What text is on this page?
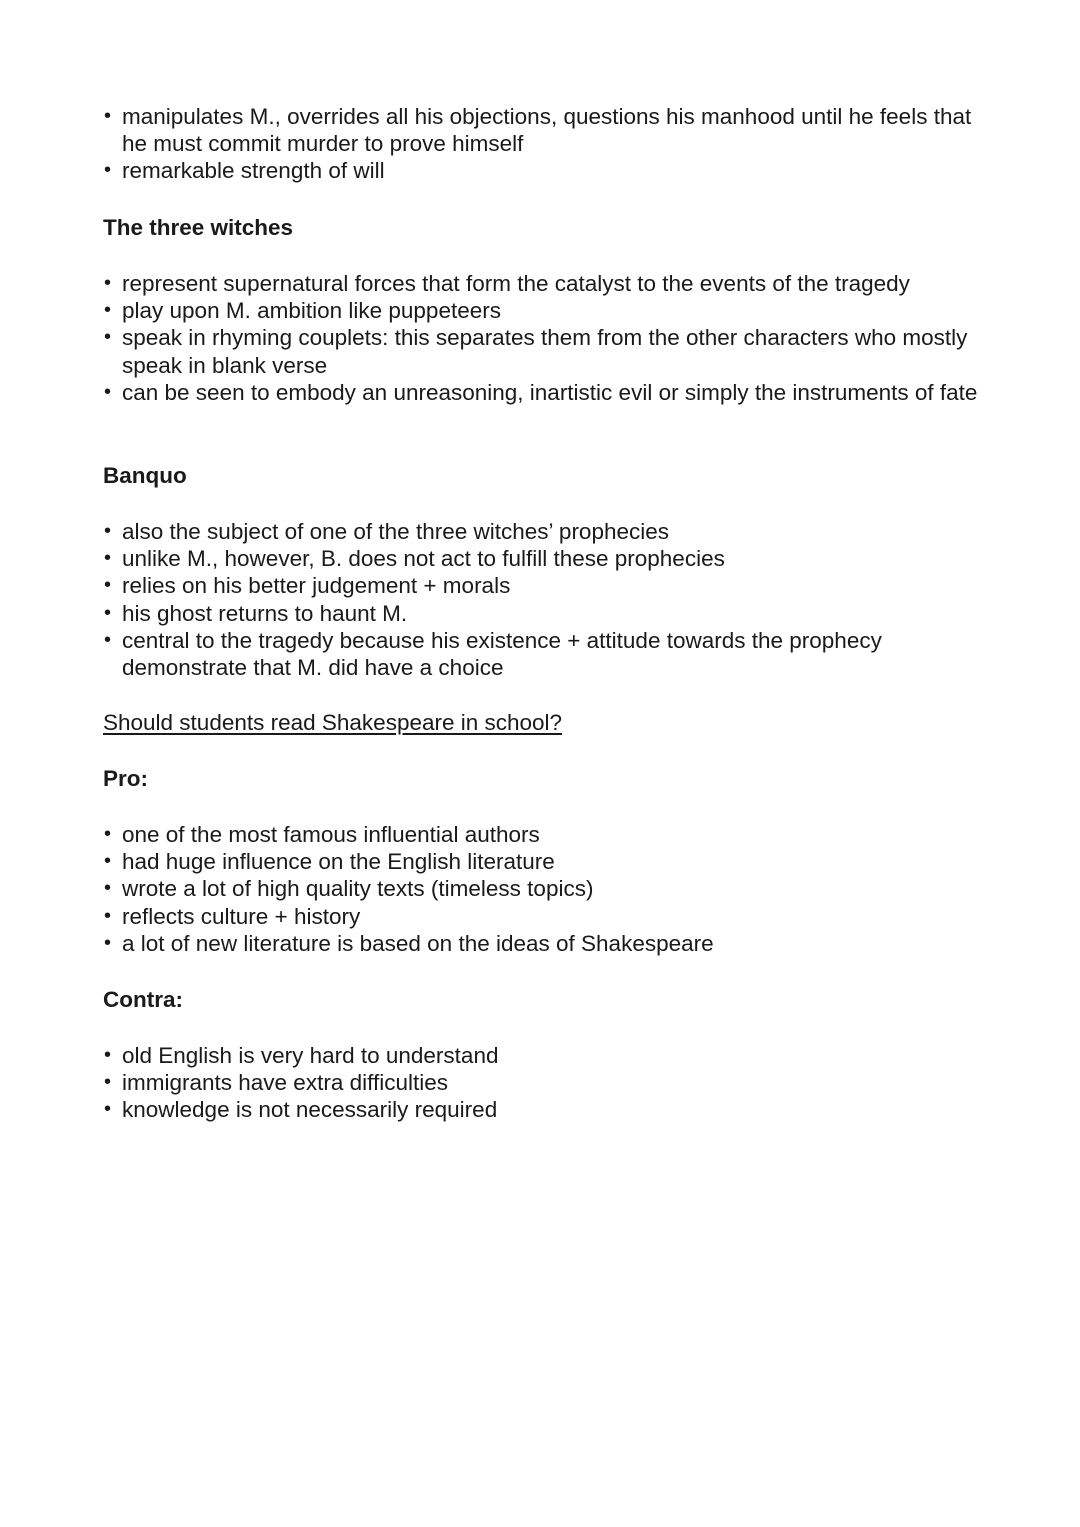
• manipulates M., overrides all his objections, questions his manhood until he feels that he must commit murder to prove himself
• remarkable strength of will
The three witches
• represent supernatural forces that form the catalyst to the events of the tragedy
• play upon M. ambition like puppeteers
• speak in rhyming couplets: this separates them from the other characters who mostly speak in blank verse
• can be seen to embody an unreasoning, inartistic evil or simply the instruments of fate
Banquo
• also the subject of one of the three witches’ prophecies
• unlike M., however, B. does not act to fulfill these prophecies
• relies on his better judgement + morals
• his ghost returns to haunt M.
• central to the tragedy because his existence + attitude towards the prophecy demonstrate that M. did have a choice

Should students read Shakespeare in school?

Pro:
• one of the most famous influential authors
• had huge influence on the English literature
• wrote a lot of high quality texts (timeless topics)
• reflects culture + history
• a lot of new literature is based on the ideas of Shakespeare
Contra:
• old English is very hard to understand
• immigrants have extra difficulties
• knowledge is not necessarily required
